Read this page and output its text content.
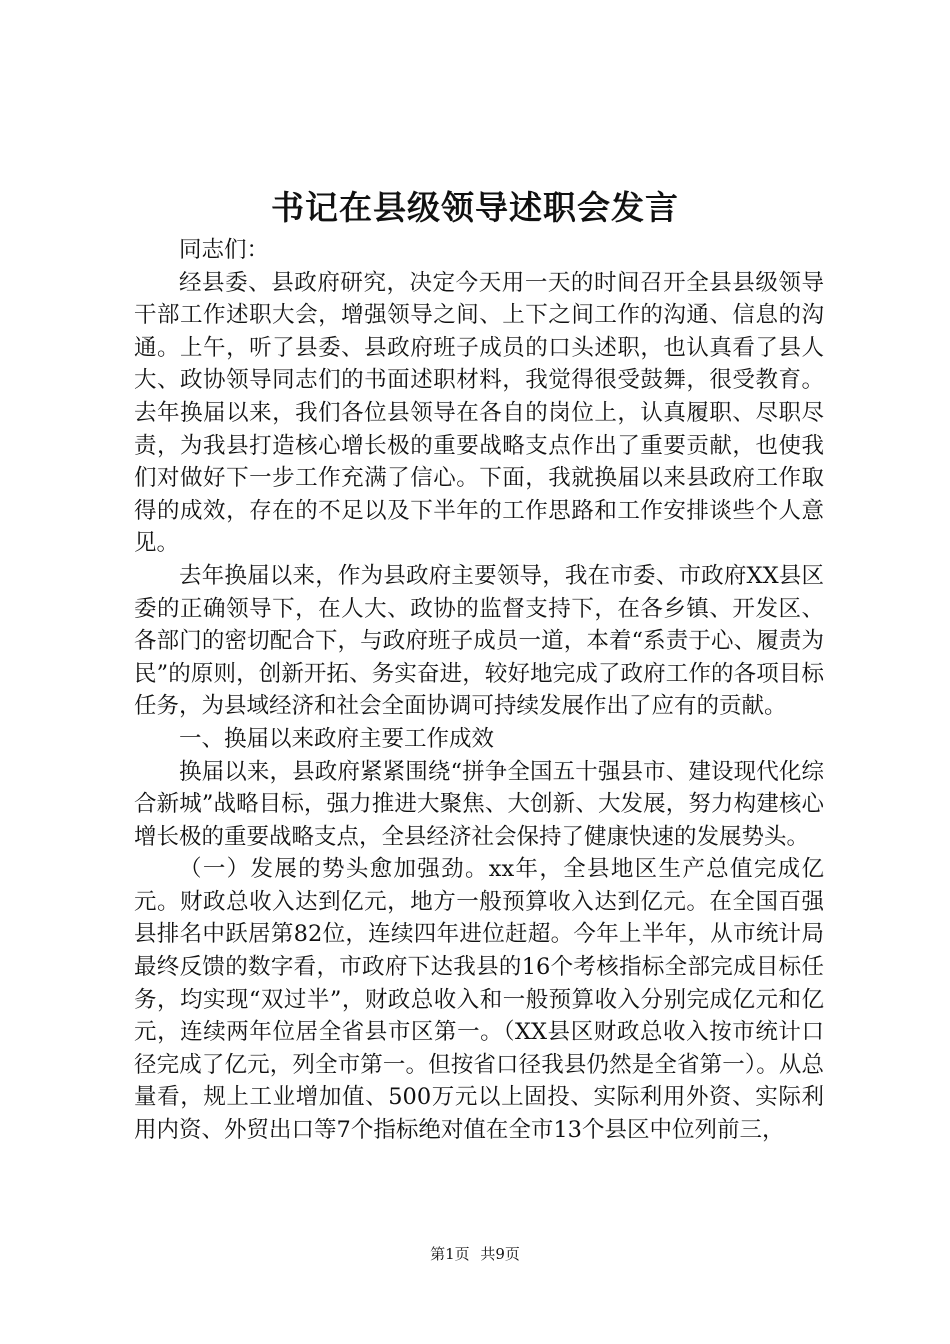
书记在县级领导述职会发言

同志们：

经县委、县政府研究，决定今天用一天的时间召开全县县级领导干部工作述职大会，增强领导之间、上下之间工作的沟通、信息的沟通。上午，听了县委、县政府班子成员的口头述职，也认真看了县人大、政协领导同志们的书面述职材料，我觉得很受鼓舞，很受教育。去年换届以来，我们各位县领导在各自的岗位上，认真履职、尽职尽责，为我县打造核心增长极的重要战略支点作出了重要贡献，也使我们对做好下一步工作充满了信心。下面，我就换届以来县政府工作取得的成效，存在的不足以及下半年的工作思路和工作安排谈些个人意见。

去年换届以来，作为县政府主要领导，我在市委、市政府XX县区委的正确领导下，在人大、政协的监督支持下，在各乡镇、开发区、各部门的密切配合下，与政府班子成员一道，本着“系责于心、履责为民”的原则，创新开拓、务实奋进，较好地完成了政府工作的各项目标任务，为县域经济和社会全面协调可持续发展作出了应有的贡献。

一、换届以来政府主要工作成效

换届以来，县政府紧紧围绕“拼争全国五十强县市、建设现代化综合新城”战略目标，强力推进大聚焦、大创新、大发展，努力构建核心增长极的重要战略支点，全县经济社会保持了健康快速的发展势头。

（一）发展的势头愈加强劲。xx年，全县地区生产总值完成亿元。财政总收入达到亿元，地方一般预算收入达到亿元。在全国百强县排名中跃居第82位，连续四年进位赶超。今年上半年，从市统计局最终反馈的数字看，市政府下达我县的16个考核指标全部完成目标任务，均实现“双过半”，财政总收入和一般预算收入分别完成亿元和亿元，连续两年位居全省县市区第一。（XX县区财政总收入按市统计口径完成了亿元，列全市第一。但按省口径我县仍然是全省第一）。从总量看，规上工业增加值、500万元以上固投、实际利用外资、实际利用内资、外贸出口等7个指标绝对值在全市13个县区中位列前三，

第1页 共9页
